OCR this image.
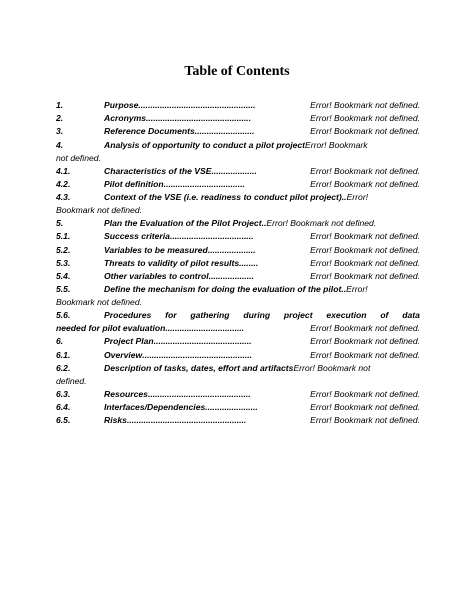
Table of Contents
1.	Purpose .................................................	Error! Bookmark not defined.
2.	Acronyms ............................................	Error! Bookmark not defined.
3.	Reference Documents .........................	Error! Bookmark not defined.
4.	Analysis of opportunity to conduct a pilot project Error! Bookmark
not defined.
4.1.	Characteristics of the VSE ...................	Error! Bookmark not defined.
4.2.	Pilot definition ..................................	Error! Bookmark not defined.
4.3.	Context of the VSE (i.e. readiness to conduct pilot project) .. Error!
Bookmark not defined.
5.	Plan the Evaluation of the Pilot Project .. Error! Bookmark not defined.
5.1.	Success criteria ...................................	Error! Bookmark not defined.
5.2.	Variables to be measured ....................	Error! Bookmark not defined.
5.3.	Threats to validity of pilot results ........	Error! Bookmark not defined.
5.4.	Other variables to control ...................	Error! Bookmark not defined.
5.5.	Define the mechanism for doing the evaluation of the pilot .. Error!
Bookmark not defined.
5.6.	Procedures for gathering during project execution of data
needed for pilot evaluation .................................	Error! Bookmark not defined.
6.	Project Plan .........................................	Error! Bookmark not defined.
6.1.	Overview ..............................................	Error! Bookmark not defined.
6.2.	Description of tasks, dates, effort and artifacts Error! Bookmark not
defined.
6.3.	Resources ...........................................	Error! Bookmark not defined.
6.4.	Interfaces/Dependencies ......................	Error! Bookmark not defined.
6.5.	Risks ..................................................	Error! Bookmark not defined.
